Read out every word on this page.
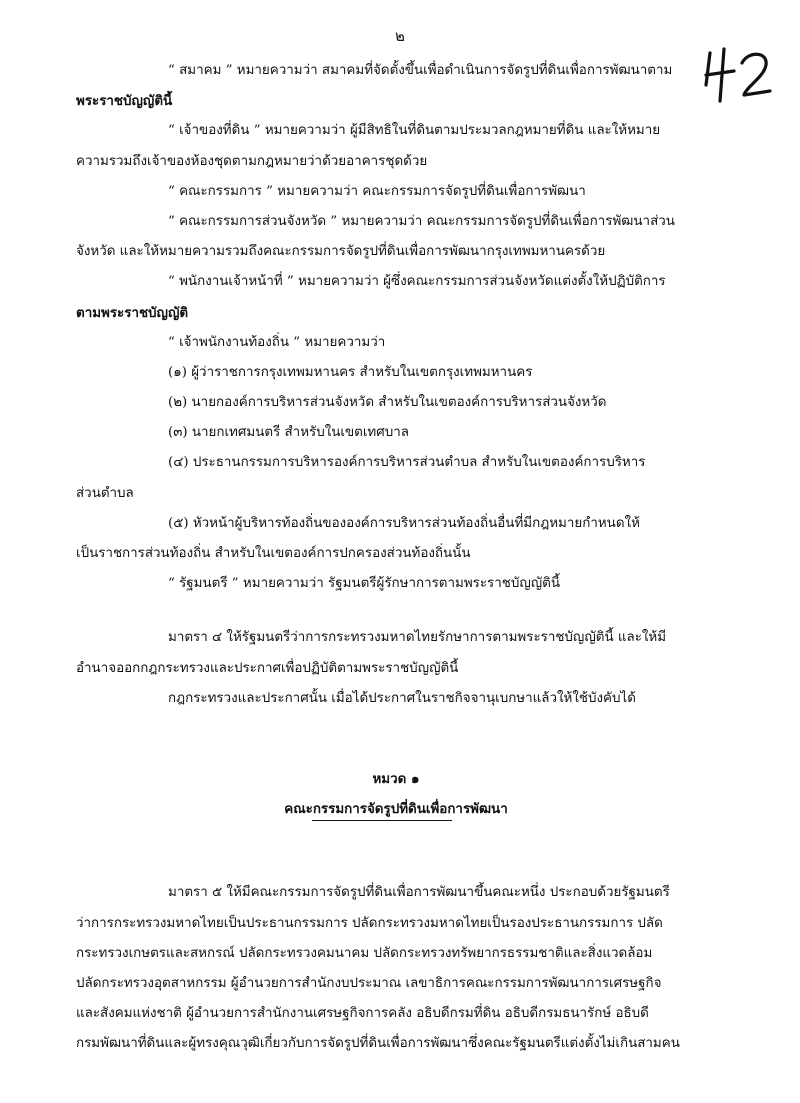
๒
“ สมาคม ” หมายความว่า สมาคมที่จัดตั้งขึ้นเพื่อดำเนินการจัดรูปที่ดินเพื่อการพัฒนาตาม
พระราชบัญญัตินี้
“ เจ้าของที่ดิน ” หมายความว่า ผู้มีสิทธิในที่ดินตามประมวลกฎหมายที่ดิน และให้หมาย
ความรวมถึงเจ้าของห้องชุดตามกฎหมายว่าด้วยอาคารชุดด้วย
“ คณะกรรมการ ” หมายความว่า คณะกรรมการจัดรูปที่ดินเพื่อการพัฒนา
“ คณะกรรมการส่วนจังหวัด ” หมายความว่า คณะกรรมการจัดรูปที่ดินเพื่อการพัฒนาส่วน
จังหวัด และให้หมายความรวมถึงคณะกรรมการจัดรูปที่ดินเพื่อการพัฒนากรุงเทพมหานครด้วย
“ พนักงานเจ้าหน้าที่ ” หมายความว่า ผู้ซึ่งคณะกรรมการส่วนจังหวัดแต่งตั้งให้ปฏิบัติการ
ตามพระราชบัญญัติ
“ เจ้าพนักงานท้องถิ่น ” หมายความว่า
(๑) ผู้ว่าราชการกรุงเทพมหานคร สำหรับในเขตกรุงเทพมหานคร
(๒) นายกองค์การบริหารส่วนจังหวัด สำหรับในเขตองค์การบริหารส่วนจังหวัด
(๓) นายกเทศมนตรี สำหรับในเขตเทศบาล
(๔) ประธานกรรมการบริหารองค์การบริหารส่วนตำบล สำหรับในเขตองค์การบริหาร
ส่วนตำบล
(๕) หัวหน้าผู้บริหารท้องถิ่นขององค์การบริหารส่วนท้องถิ่นอื่นที่มีกฎหมายกำหนดให้
เป็นราชการส่วนท้องถิ่น สำหรับในเขตองค์การปกครองส่วนท้องถิ่นนั้น
“ รัฐมนตรี ” หมายความว่า รัฐมนตรีผู้รักษาการตามพระราชบัญญัตินี้
มาตรา ๔ ให้รัฐมนตรีว่าการกระทรวงมหาดไทยรักษาการตามพระราชบัญญัตินี้ และให้มี
อำนาจออกกฎกระทรวงและประกาศเพื่อปฏิบัติตามพระราชบัญญัตินี้
กฎกระทรวงและประกาศนั้น เมื่อได้ประกาศในราชกิจจานุเบกษาแล้วให้ใช้บังคับได้
หมวด ๑
คณะกรรมการจัดรูปที่ดินเพื่อการพัฒนา
มาตรา ๕ ให้มีคณะกรรมการจัดรูปที่ดินเพื่อการพัฒนาขึ้นคณะหนึ่ง ประกอบด้วยรัฐมนตรี
ว่าการกระทรวงมหาดไทยเป็นประธานกรรมการ ปลัดกระทรวงมหาดไทยเป็นรองประธานกรรมการ ปลัด
กระทรวงเกษตรและสหกรณ์ ปลัดกระทรวงคมนาคม ปลัดกระทรวงทรัพยากรธรรมชาติและสิ่งแวดล้อม
ปลัดกระทรวงอุตสาหกรรม ผู้อำนวยการสำนักงบประมาณ เลขาธิการคณะกรรมการพัฒนาการเศรษฐกิจ
และสังคมแห่งชาติ ผู้อำนวยการสำนักงานเศรษฐกิจการคลัง อธิบดีกรมที่ดิน อธิบดีกรมธนารักษ์ อธิบดี
กรมพัฒนาที่ดินและผู้ทรงคุณวุฒิเกี่ยวกับการจัดรูปที่ดินเพื่อการพัฒนาซึ่งคณะรัฐมนตรีแต่งตั้งไม่เกินสามคน
